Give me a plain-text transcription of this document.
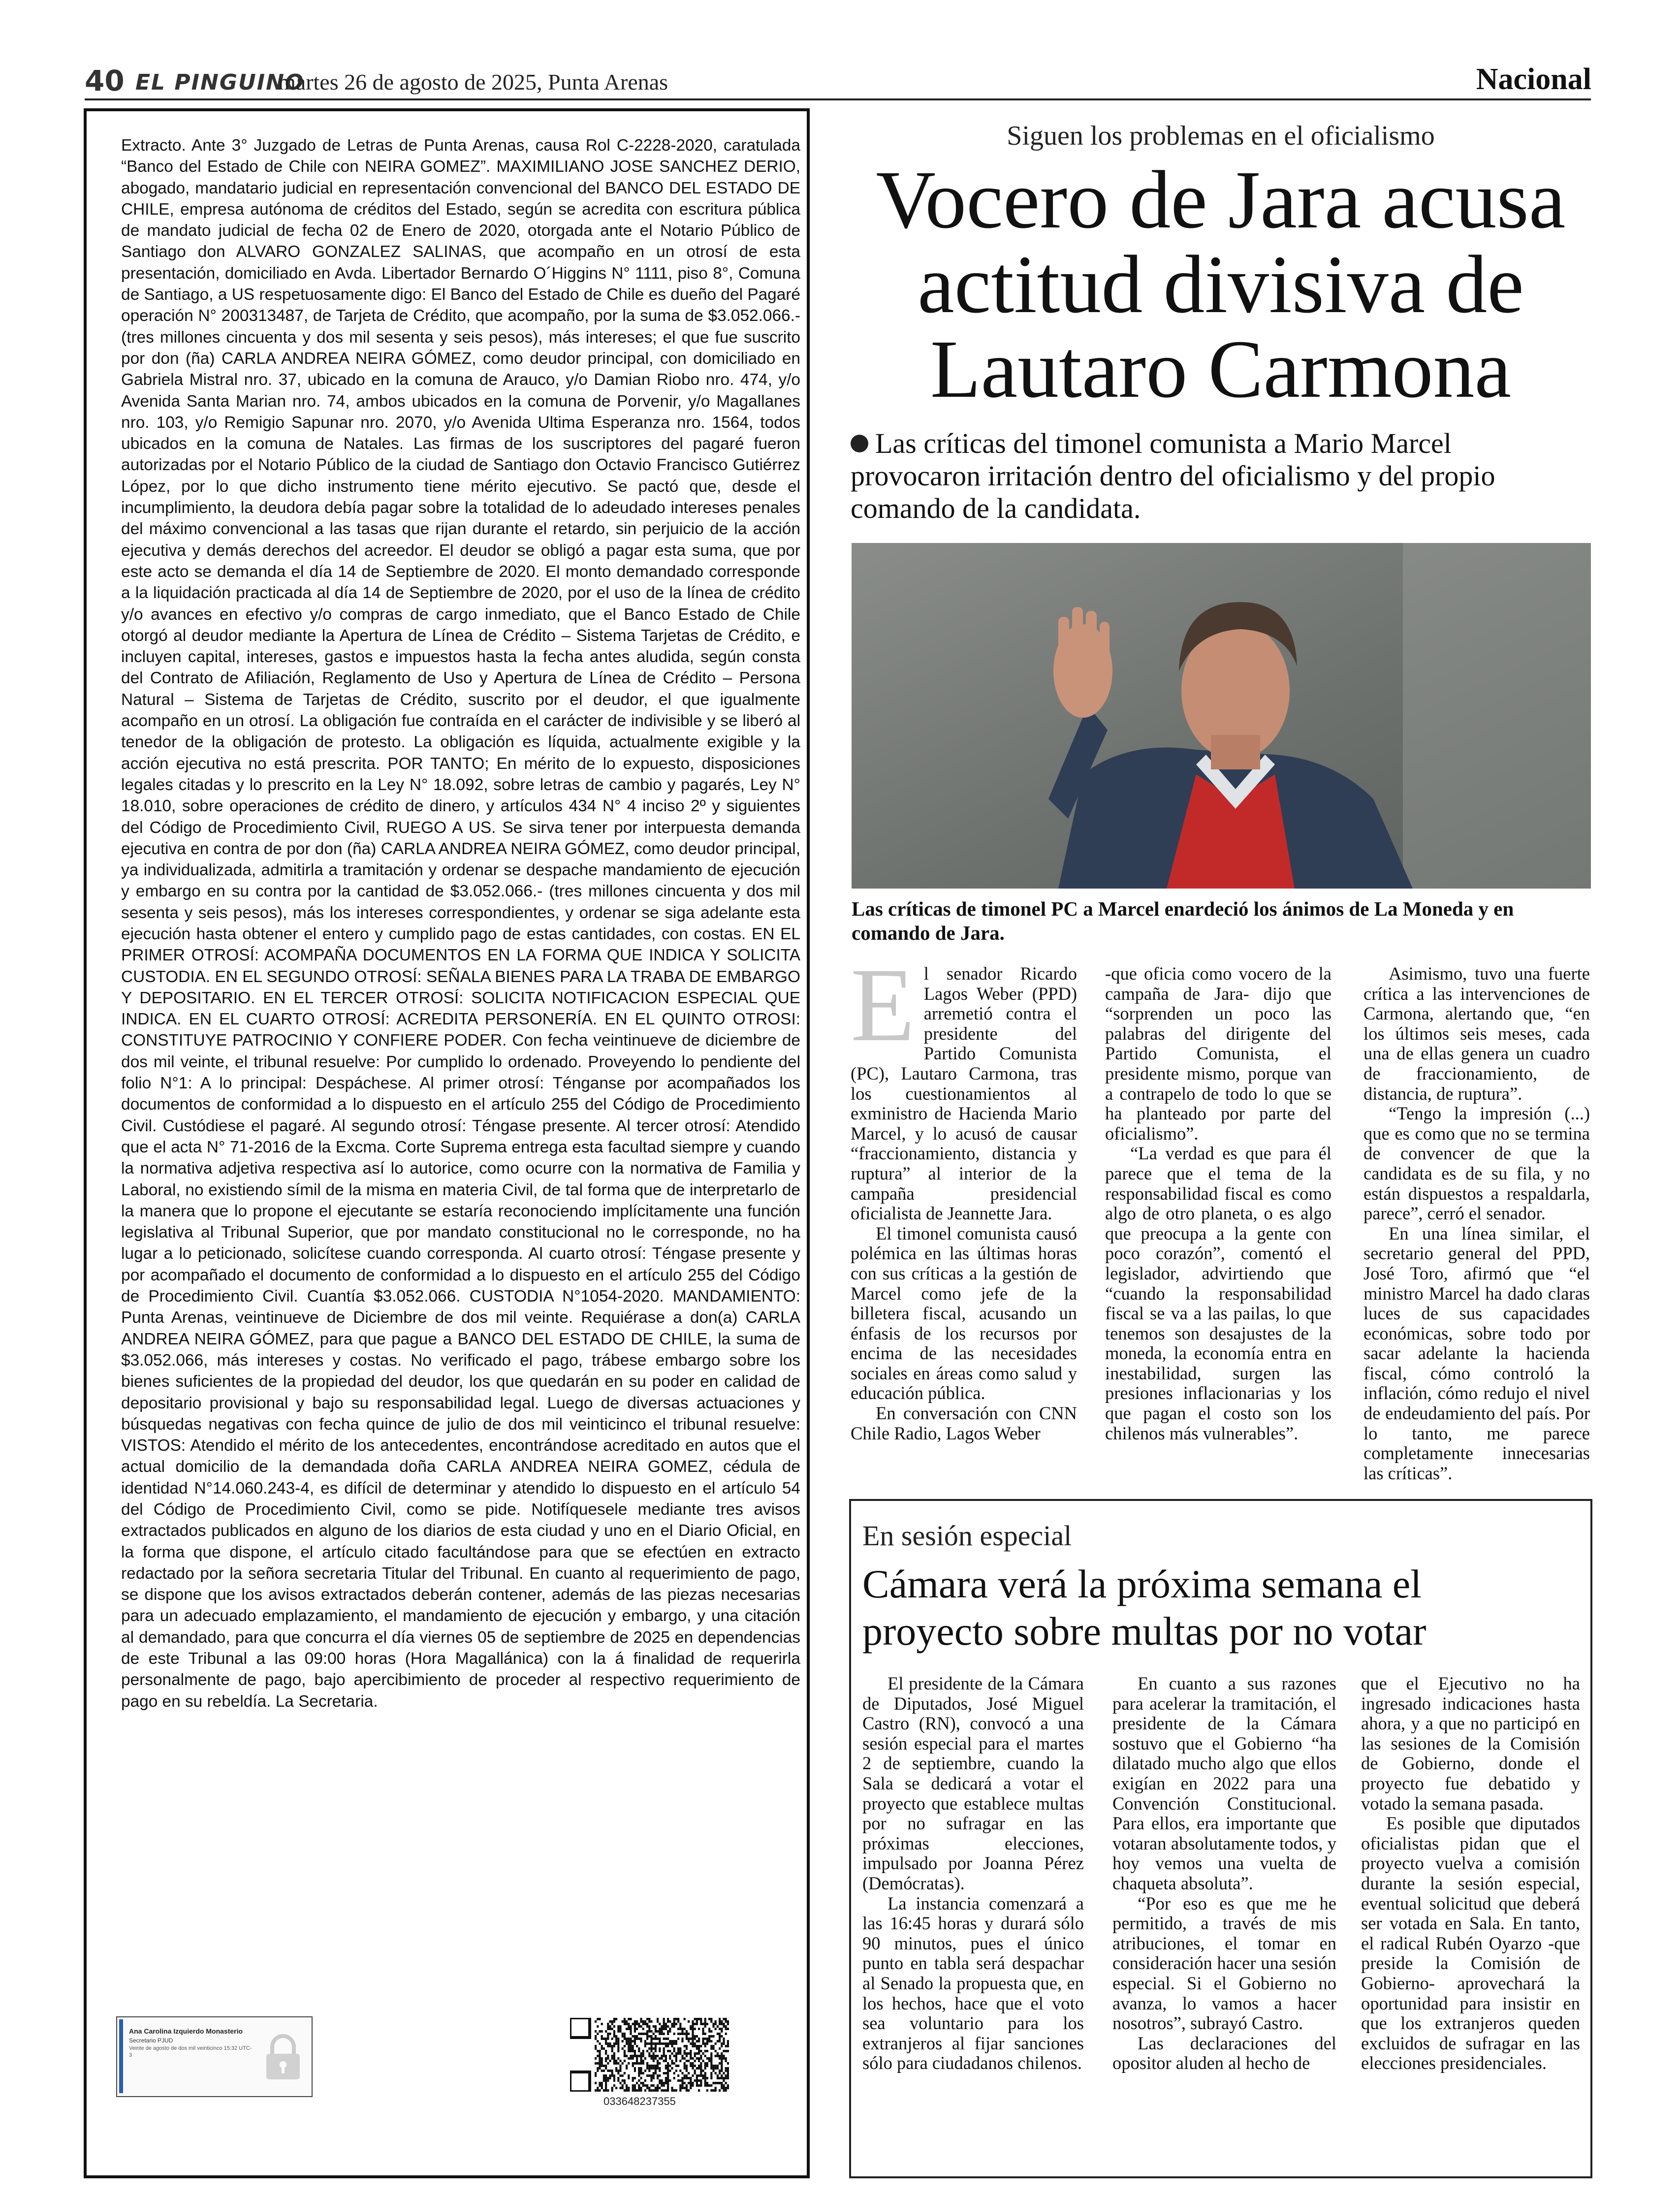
40 EL PINGUINO
martes 26 de agosto de 2025, Punta Arenas	Nacional

Extracto. Ante 3° Juzgado de Letras de Punta Arenas, causa Rol C-2228-2020, caratulada “Banco del Estado de Chile con NEIRA GOMEZ”. MAXIMILIANO JOSE SANCHEZ DERIO, abogado, mandatario judicial en representación convencional del BANCO DEL ESTADO DE CHILE, empresa autónoma de créditos del Estado, según se acredita con escritura pública de mandato judicial de fecha 02 de Enero de 2020, otorgada ante el Notario Público de Santiago don ALVARO GONZALEZ SALINAS, que acompaño en un otrosí de esta presentación, domiciliado en Avda. Libertador Bernardo O´Higgins N° 1111, piso 8°, Comuna de Santiago, a US respetuosamente digo: El Banco del Estado de Chile es dueño del Pagaré operación N° 200313487, de Tarjeta de Crédito, que acompaño, por la suma de $3.052.066.- (tres millones cincuenta y dos mil sesenta y seis pesos), más intereses; el que fue suscrito por don (ña) CARLA ANDREA NEIRA GÓMEZ, como deudor principal, con domiciliado en Gabriela Mistral nro. 37, ubicado en la comuna de Arauco, y/o Damian Riobo nro. 474, y/o Avenida Santa Marian nro. 74, ambos ubicados en la comuna de Porvenir, y/o Magallanes nro. 103, y/o Remigio Sapunar nro. 2070, y/o Avenida Ultima Esperanza nro. 1564, todos ubicados en la comuna de Natales. Las firmas de los suscriptores del pagaré fueron autorizadas por el Notario Público de la ciudad de Santiago don Octavio Francisco Gutiérrez López, por lo que dicho instrumento tiene mérito ejecutivo. Se pactó que, desde el incumplimiento, la deudora debía pagar sobre la totalidad de lo adeudado intereses penales del máximo convencional a las tasas que rijan durante el retardo, sin perjuicio de la acción ejecutiva y demás derechos del acreedor. El deudor se obligó a pagar esta suma, que por este acto se demanda el día 14 de Septiembre de 2020. El monto demandado corresponde a la liquidación practicada al día 14 de Septiembre de 2020, por el uso de la línea de crédito y/o avances en efectivo y/o compras de cargo inmediato, que el Banco Estado de Chile otorgó al deudor mediante la Apertura de Línea de Crédito – Sistema Tarjetas de Crédito, e incluyen capital, intereses, gastos e impuestos hasta la fecha antes aludida, según consta del Contrato de Afiliación, Reglamento de Uso y Apertura de Línea de Crédito – Persona Natural – Sistema de Tarjetas de Crédito, suscrito por el deudor, el que igualmente acompaño en un otrosí. La obligación fue contraída en el carácter de indivisible y se liberó al tenedor de la obligación de protesto. La obligación es líquida, actualmente exigible y la acción ejecutiva no está prescrita. POR TANTO; En mérito de lo expuesto, disposiciones legales citadas y lo prescrito en la Ley N° 18.092, sobre letras de cambio y pagarés, Ley N° 18.010, sobre operaciones de crédito de dinero, y artículos 434 N° 4 inciso 2º y siguientes del Código de Procedimiento Civil, RUEGO A US. Se sirva tener por interpuesta demanda ejecutiva en contra de por don (ña) CARLA ANDREA NEIRA GÓMEZ, como deudor principal, ya individualizada, admitirla a tramitación y ordenar se despache mandamiento de ejecución y embargo en su contra por la cantidad de $3.052.066.- (tres millones cincuenta y dos mil sesenta y seis pesos), más los intereses correspondientes, y ordenar se siga adelante esta ejecución hasta obtener el entero y cumplido pago de estas cantidades, con costas. EN EL PRIMER OTROSÍ: ACOMPAÑA DOCUMENTOS EN LA FORMA QUE INDICA Y SOLICITA CUSTODIA. EN EL SEGUNDO OTROSÍ: SEÑALA BIENES PARA LA TRABA DE EMBARGO Y DEPOSITARIO. EN EL TERCER OTROSÍ: SOLICITA NOTIFICACION ESPECIAL QUE INDICA. EN EL CUARTO OTROSÍ: ACREDITA PERSONERÍA. EN EL QUINTO OTROSI: CONSTITUYE PATROCINIO Y CONFIERE PODER. Con fecha veintinueve de diciembre de dos mil veinte, el tribunal resuelve: Por cumplido lo ordenado. Proveyendo lo pendiente del folio N°1: A lo principal: Despáchese. Al primer otrosí: Ténganse por acompañados los documentos de conformidad a lo dispuesto en el artículo 255 del Código de Procedimiento Civil. Custódiese el pagaré. Al segundo otrosí: Téngase presente. Al tercer otrosí: Atendido que el acta N° 71-2016 de la Excma. Corte Suprema entrega esta facultad siempre y cuando la normativa adjetiva respectiva así lo autorice, como ocurre con la normativa de Familia y Laboral, no existiendo símil de la misma en materia Civil, de tal forma que de interpretarlo de la manera que lo propone el ejecutante se estaría reconociendo implícitamente una función legislativa al Tribunal Superior, que por mandato constitucional no le corresponde, no ha lugar a lo peticionado, solicítese cuando corresponda. Al cuarto otrosí: Téngase presente y por acompañado el documento de conformidad a lo dispuesto en el artículo 255 del Código de Procedimiento Civil. Cuantía $3.052.066. CUSTODIA N°1054-2020. MANDAMIENTO: Punta Arenas, veintinueve de Diciembre de dos mil veinte. Requiérase a don(a) CARLA ANDREA NEIRA GÓMEZ, para que pague a BANCO DEL ESTADO DE CHILE, la suma de $3.052.066, más intereses y costas. No verificado el pago, trábese embargo sobre los bienes suficientes de la propiedad del deudor, los que quedarán en su poder en calidad de depositario provisional y bajo su responsabilidad legal. Luego de diversas actuaciones y búsquedas negativas con fecha quince de julio de dos mil veinticinco el tribunal resuelve: VISTOS: Atendido el mérito de los antecedentes, encontrándose acreditado en autos que el actual domicilio de la demandada doña CARLA ANDREA NEIRA GOMEZ, cédula de identidad N°14.060.243-4, es difícil de determinar y atendido lo dispuesto en el artículo 54 del Código de Procedimiento Civil, como se pide. Notifíquesele mediante tres avisos extractados publicados en alguno de los diarios de esta ciudad y uno en el Diario Oficial, en la forma que dispone, el artículo citado facultándose para que se efectúen en extracto redactado por la señora secretaria Titular del Tribunal. En cuanto al requerimiento de pago, se dispone que los avisos extractados deberán contener, además de las piezas necesarias para un adecuado emplazamiento, el mandamiento de ejecución y embargo, y una citación al demandado, para que concurra el día viernes 05 de septiembre de 2025 en dependencias de este Tribunal a las 09:00 horas (Hora Magallánica) con la á finalidad de requerirla personalmente de pago, bajo apercibimiento de proceder al respectivo requerimiento de pago en su rebeldía. La Secretaria.

Ana Carolina Izquierdo Monasterio
Secretario PJUD
Veinte de agosto de dos mil veinticinco 15:32 UTC-3
033648237355
Siguen los problemas en el oficialismo
Vocero de Jara acusa actitud divisiva de Lautaro Carmona
Las críticas del timonel comunista a Mario Marcel provocaron irritación dentro del oficialismo y del propio comando de la candidata.
Las críticas de timonel PC a Marcel enardeció los ánimos de La Moneda y en comando de Jara.
E l senador Ricardo Lagos Weber (PPD) arremetió contra el presidente del Partido Comunista (PC), Lautaro Carmona, tras los cuestionamientos al exministro de Hacienda Mario Marcel, y lo acusó de causar “fraccionamiento, distancia y ruptura” al interior de la campaña presidencial oficialista de Jeannette Jara.

El timonel comunista causó polémica en las últimas horas con sus críticas a la gestión de Marcel como jefe de la billetera fiscal, acusando un énfasis de los recursos por encima de las necesidades sociales en áreas como salud y educación pública.

En conversación con CNN Chile Radio, Lagos Weber

-que oficia como vocero de la campaña de Jara- dijo que “sorprenden un poco las palabras del dirigente del Partido Comunista, el presidente mismo, porque van a contrapelo de todo lo que se ha planteado por parte del oficialismo”.

“La verdad es que para él parece que el tema de la responsabilidad fiscal es como algo de otro planeta, o es algo que preocupa a la gente con poco corazón”, comentó el legislador, advirtiendo que “cuando la responsabilidad fiscal se va a las pailas, lo que tenemos son desajustes de la moneda, la economía entra en inestabilidad, surgen las presiones inflacionarias y los que pagan el costo son los chilenos más vulnerables”.

Asimismo, tuvo una fuerte crítica a las intervenciones de Carmona, alertando que, “en los últimos seis meses, cada una de ellas genera un cuadro de fraccionamiento, de distancia, de ruptura”.

“Tengo la impresión (...) que es como que no se termina de convencer de que la candidata es de su fila, y no están dispuestos a respaldarla, parece”, cerró el senador.

En una línea similar, el secretario general del PPD, José Toro, afirmó que “el ministro Marcel ha dado claras luces de sus capacidades económicas, sobre todo por sacar adelante la hacienda fiscal, cómo controló la inflación, cómo redujo el nivel de endeudamiento del país. Por lo tanto, me parece completamente innecesarias las críticas”.

En sesión especial
Cámara verá la próxima semana el proyecto sobre multas por no votar

El presidente de la Cámara de Diputados, José Miguel Castro (RN), convocó a una sesión especial para el martes 2 de septiembre, cuando la Sala se dedicará a votar el proyecto que establece multas por no sufragar en las próximas elecciones, impulsado por Joanna Pérez (Demócratas).

La instancia comenzará a las 16:45 horas y durará sólo 90 minutos, pues el único punto en tabla será despachar al Senado la propuesta que, en los hechos, hace que el voto sea voluntario para los extranjeros al fijar sanciones sólo para ciudadanos chilenos.

En cuanto a sus razones para acelerar la tramitación, el presidente de la Cámara sostuvo que el Gobierno “ha dilatado mucho algo que ellos exigían en 2022 para una Convención Constitucional. Para ellos, era importante que votaran absolutamente todos, y hoy vemos una vuelta de chaqueta absoluta”.

“Por eso es que me he permitido, a través de mis atribuciones, el tomar en consideración hacer una sesión especial. Si el Gobierno no avanza, lo vamos a hacer nosotros”, subrayó Castro.

Las declaraciones del opositor aluden al hecho de

que el Ejecutivo no ha ingresado indicaciones hasta ahora, y a que no participó en las sesiones de la Comisión de Gobierno, donde el proyecto fue debatido y votado la semana pasada.

Es posible que diputados oficialistas pidan que el proyecto vuelva a comisión durante la sesión especial, eventual solicitud que deberá ser votada en Sala. En tanto, el radical Rubén Oyarzo -que preside la Comisión de Gobierno- aprovechará la oportunidad para insistir en que los extranjeros queden excluidos de sufragar en las elecciones presidenciales.
